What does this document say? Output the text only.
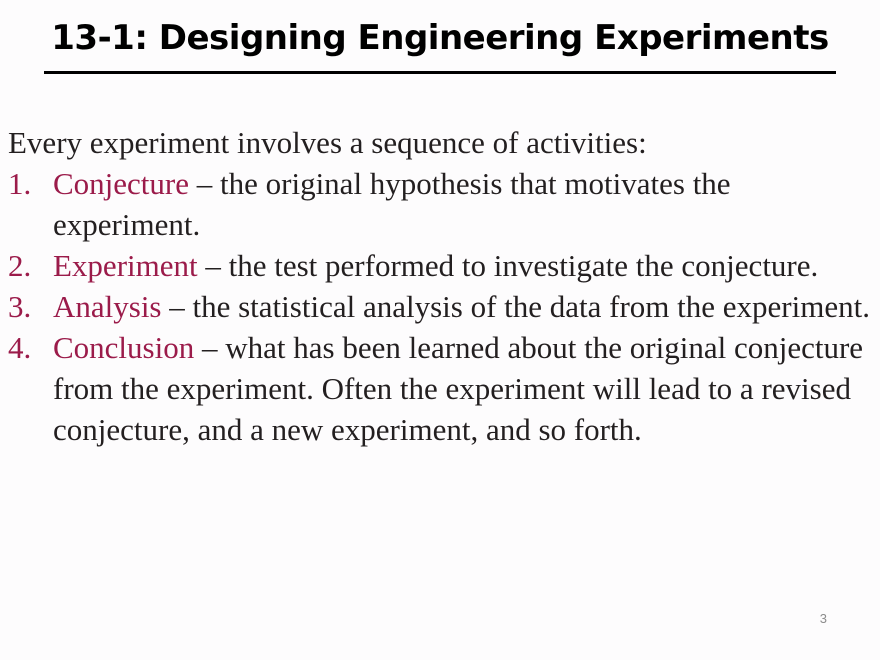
13-1: Designing Engineering Experiments

Every experiment involves a sequence of activities:

1. Conjecture – the original hypothesis that motivates the experiment.
2. Experiment – the test performed to investigate the conjecture.
3. Analysis – the statistical analysis of the data from the experiment.
4. Conclusion – what has been learned about the original conjecture from the experiment. Often the experiment will lead to a revised conjecture, and a new experiment, and so forth.
3
